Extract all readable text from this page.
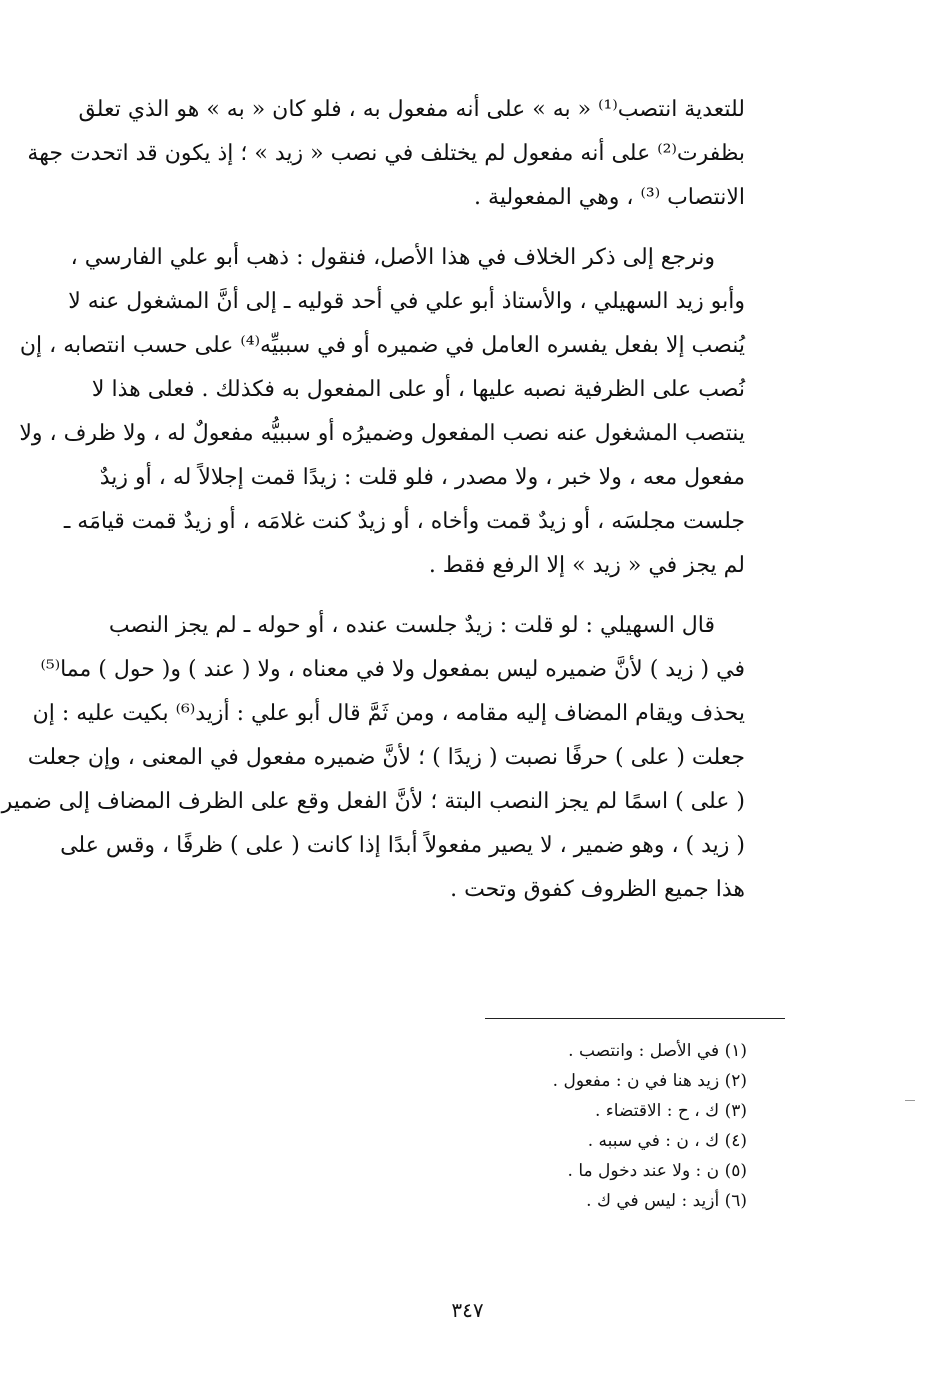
للتعدية انتصب⁽¹⁾ « به » على أنه مفعول به ، فلو كان « به » هو الذي تعلق
بظفرت⁽²⁾ على أنه مفعول لم يختلف في نصب « زيد » ؛ إذ يكون قد اتحدت جهة
الانتصاب ⁽³⁾ ، وهي المفعولية .
ونرجع إلى ذكر الخلاف في هذا الأصل، فنقول : ذهب أبو علي الفارسي ،
وأبو زيد السهيلي ، والأستاذ أبو علي في أحد قوليه ـ إلى أنَّ المشغول عنه لا
يُنصب إلا بفعل يفسره العامل في ضميره أو في سببيِّه⁽⁴⁾ على حسب انتصابه ، إن
نُصب على الظرفية نصبه عليها ، أو على المفعول به فكذلك . فعلى هذا لا
ينتصب المشغول عنه نصب المفعول وضميرُه أو سببيُّه مفعولٌ له ، ولا ظرف ، ولا
مفعول معه ، ولا خبر ، ولا مصدر ، فلو قلت : زيدًا قمت إجلالاً له ، أو زيدٌ
جلست مجلسَه ، أو زيدٌ قمت وأخاه ، أو زيدٌ كنت غلامَه ، أو زيدٌ قمت قيامَه ـ
لم يجز في « زيد » إلا الرفع فقط .
قال السهيلي : لو قلت : زيدٌ جلست عنده ، أو حوله ـ لم يجز النصب
في ( زيد ) لأنَّ ضميره ليس بمفعول ولا في معناه ، ولا ( عند ) و( حول ) مما⁽⁵⁾
يحذف ويقام المضاف إليه مقامه ، ومن ثَمَّ قال أبو علي : أزيد⁽⁶⁾ بكيت عليه : إن
جعلت ( على ) حرفًا نصبت ( زيدًا ) ؛ لأنَّ ضميره مفعول في المعنى ، وإن جعلت
( على ) اسمًا لم يجز النصب البتة ؛ لأنَّ الفعل وقع على الظرف المضاف إلى ضمير
( زيد ) ، وهو ضمير ، لا يصير مفعولاً أبدًا إذا كانت ( على ) ظرفًا ، وقس على
هذا جميع الظروف كفوق وتحت .
(١) في الأصل : وانتصب .
(٢) زيد هنا في ن : مفعول .
(٣) ك ، ح : الاقتضاء .
(٤) ك ، ن : في سببه .
(٥) ن : ولا عند دخول ما .
(٦) أزيد : ليس في ك .
٣٤٧
